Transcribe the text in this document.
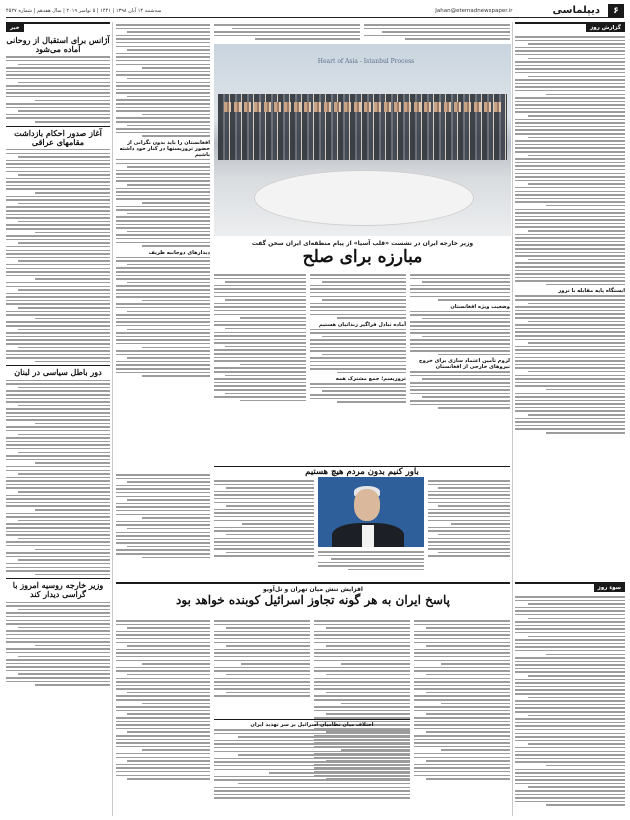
۶
دیپلماسی
Jahan@etemadnewspaper.ir
سه‌شنبه ۱۴ آبان ۱۳۹۸ | ۱۴۴۱ | ۵ نوامبر ۲۰۱۹ | سال هفدهم | شماره ۴۵۲۷
گزارش روز
ایستگاه پایه مقابله با ترور
سوء روز
Heart of Asia - Istanbul Process
وزیر خارجه ایران در نشست «قلب آسیا» از پیام منطقه‌ای ایران سخن گفت
مبارزه برای صلح
وضعیت ویژه افغانستان
لزوم تأمین اعتماد سازی برای خروج نیروهای خارجی از افغانستان
آماده تبادل فراگیر زندانیان هستیم
تروریسم؛ جمع مشترک همه
افغانستان را باید بدون نگرانی از حضور تروریستها در کنار خود داشته باشیم
دیدارهای دوجانبه ظریف
باور کنیم بدون مردم هیچ هستیم
افزایش تنش میان تهران و تل‌آویو
پاسخ ایران به هر گونه تجاوز اسرائیل کوبنده خواهد بود
اختلاف میان نظامیان اسرائیل بر سر تهدید ایران
خبر
آژانس برای استقبال از روحانی آماده می‌شود
آغاز صدور احکام بازداشت مقامهای عراقی
دور باطل سیاسی در لبنان
وزیر خارجه روسیه امروز با گراسی دیدار کند
